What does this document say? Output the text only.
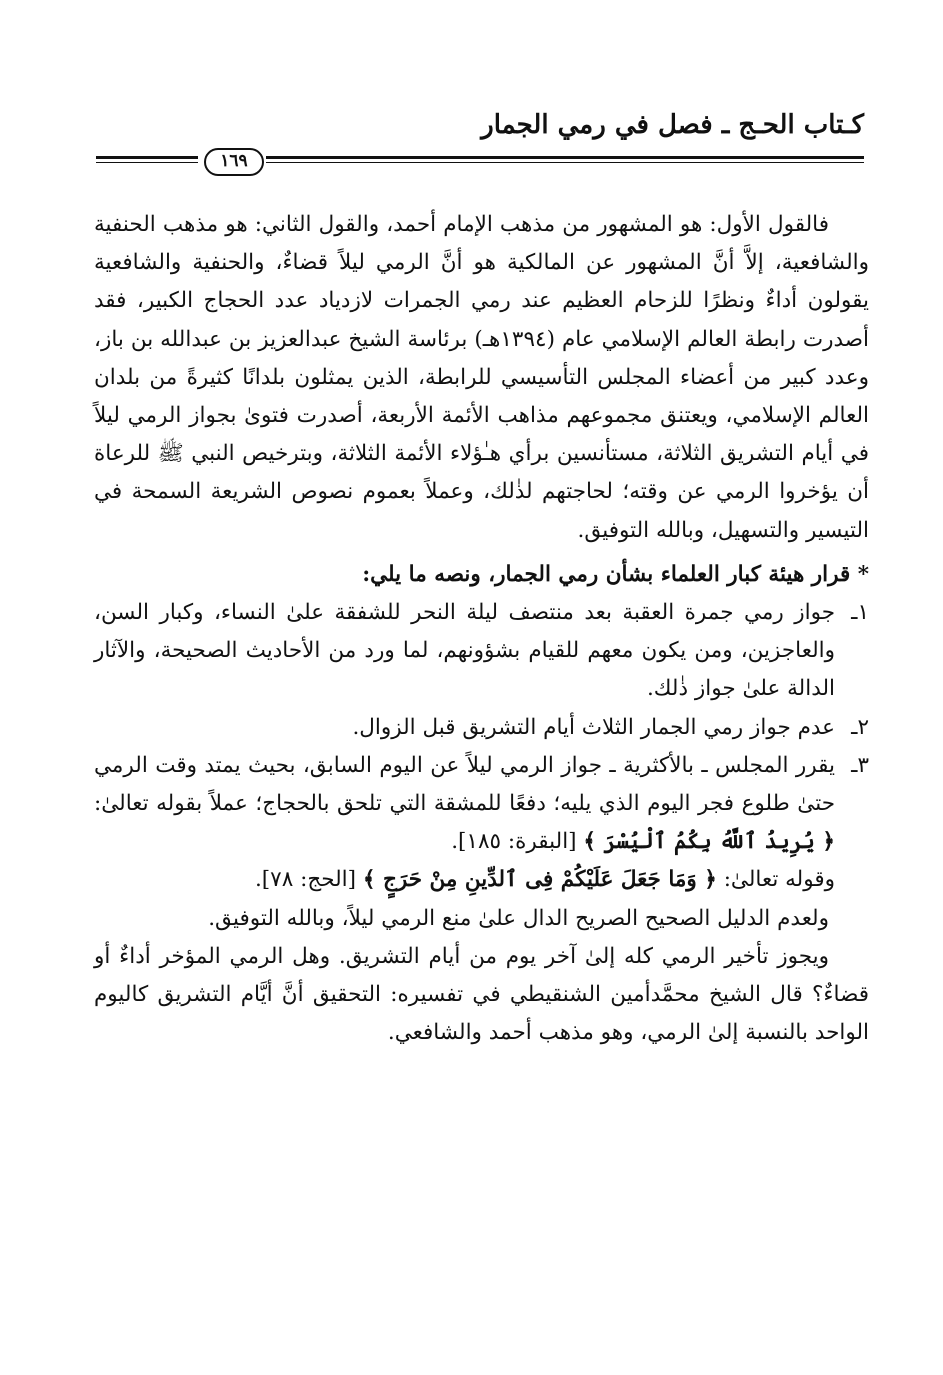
كـتاب الحـج ـ فصل في رمي الجمار
١٦٩

فالقول الأول: هو المشهور من مذهب الإمام أحمد، والقول الثاني: هو مذهب الحنفية والشافعية، إلاَّ أنَّ المشهور عن المالكية هو أنَّ الرمي ليلاً قضاءٌ، والحنفية والشافعية يقولون أداءٌ ونظرًا للزحام العظيم عند رمي الجمرات لازدياد عدد الحجاج الكبير، فقد أصدرت رابطة العالم الإسلامي عام (١٣٩٤هـ) برئاسة الشيخ عبدالعزيز بن عبدالله بن باز، وعدد كبير من أعضاء المجلس التأسيسي للرابطة، الذين يمثلون بلدانًا كثيرةً من بلدان العالم الإسلامي، ويعتنق مجموعهم مذاهب الأئمة الأربعة، أصدرت فتوىٰ بجواز الرمي ليلاً في أيام التشريق الثلاثة، مستأنسين برأي هـٰؤلاء الأئمة الثلاثة، وبترخيص النبي ﷺ للرعاة أن يؤخروا الرمي عن وقته؛ لحاجتهم لذٰلك، وعملاً بعموم نصوص الشريعة السمحة في التيسير والتسهيل، وبالله التوفيق.

* قرار هيئة كبار العلماء بشأن رمي الجمار، ونصه ما يلي:

١ـ
جواز رمي جمرة العقبة بعد منتصف ليلة النحر للشفقة علىٰ النساء، وكبار السن، والعاجزين، ومن يكون معهم للقيام بشؤونهم، لما ورد من الأحاديث الصحيحة، والآثار الدالة علىٰ جواز ذٰلك.

٢ـ
عدم جواز رمي الجمار الثلاث أيام التشريق قبل الزوال.

٣ـ
يقرر المجلس ـ بالأكثرية ـ جواز الرمي ليلاً عن اليوم السابق، بحيث يمتد وقت الرمي حتىٰ طلوع فجر اليوم الذي يليه؛ دفعًا للمشقة التي تلحق بالحجاج؛ عملاً بقوله تعالىٰ: ﴿ يُرِيدُ ٱللَّهُ بِكُمُ ٱلْيُسْرَ ﴾ [البقرة: ١٨٥].
وقوله تعالىٰ: ﴿ وَمَا جَعَلَ عَلَيْكُمْ فِى ٱلدِّينِ مِنْ حَرَجٍ ﴾ [الحج: ٧٨].

ولعدم الدليل الصحيح الصريح الدال علىٰ منع الرمي ليلاً، وبالله التوفيق.

ويجوز تأخير الرمي كله إلىٰ آخر يوم من أيام التشريق. وهل الرمي المؤخر أداءٌ أو قضاءٌ؟ قال الشيخ محمَّدأمين الشنقيطي في تفسيره: التحقيق أنَّ أيَّام التشريق كاليوم الواحد بالنسبة إلىٰ الرمي، وهو مذهب أحمد والشافعي.
